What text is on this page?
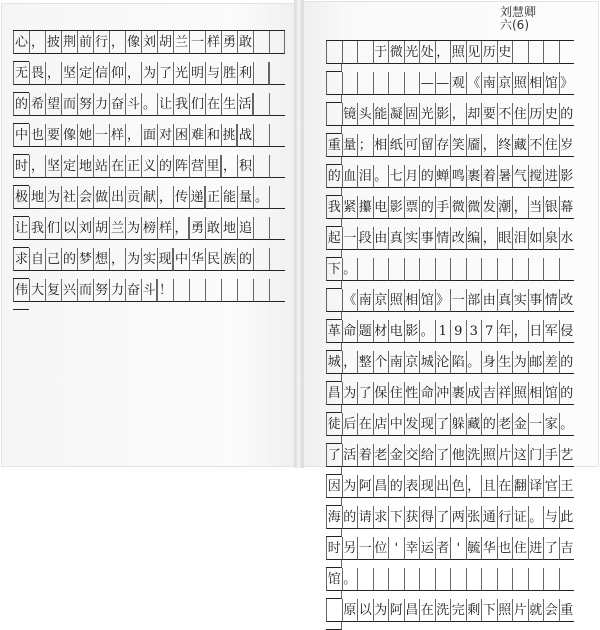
心 ， 披 荆 前 行 ， 像 刘 胡 兰 一 样 勇 敢
无 畏 ， 坚 定 信 仰 ， 为 了 光 明 与 胜 利
的 希 望 而 努 力 奋 斗 。 让 我 们 在 生 活
中 也 要 像 她 一 样 ， 面 对 困 难 和 挑 战
时 ， 坚 定 地 站 在 正 义 的 阵 营 里 ， 积
极 地 为 社 会 做 出 贡 献 ， 传 递 正 能 量 。
让 我 们 以 刘 胡 兰 为 榜 样 ， 勇 敢 地 追
求 自 己 的 梦 想 ， 为 实 现 中 华 民 族 的
伟 大 复 兴 而 努 力 奋 斗 ！
刘慧卿
六(6)

于 微 光 处 ， 照 见 历 史

— — 观 《 南 京 照 相 馆 》

镜 头 能 凝 固 光 影 ， 却 要 不 住 历 史 的
重 量 ； 相 纸 可 留 存 笑 靥 ， 终 藏 不 住 岁
的 血 泪 。 七 月 的 蝉 鸣 裹 着 暑 气 搅 进 影
我 紧 攥 电 影 票 的 手 微 微 发 潮 ， 当 银 幕
起 一 段 由 真 实 事 情 改 编 ， 眼 泪 如 泉 水
下 。

《 南 京 照 相 馆 》 一 部 由 真 实 事 情 改
革 命 题 材 电 影 。 1 9 3 7 年 ， 日 军 侵
城 ， 整 个 南 京 城 沦 陷 。 身 生 为 邮 差 的
昌 为 了 保 住 性 命 冲 裹 成 吉 祥 照 相 馆 的
徒 后 在 店 中 发 现 了 躲 藏 的 老 金 一 家 。
了 活 着 老 金 交 给 了 他 洗 照 片 这 门 手 艺
因 为 阿 昌 的 表 现 出 色 ， 且 在 翻 译 官 王
海 的 请 求 下 获 得 了 两 张 通 行 证 。 与 此
时 另 一 位 ' 幸 运 者 ' 毓 华 也 住 进 了 吉
馆 。

原 以 为 阿 昌 在 洗 完 剩 下 照 片 就 会 重
